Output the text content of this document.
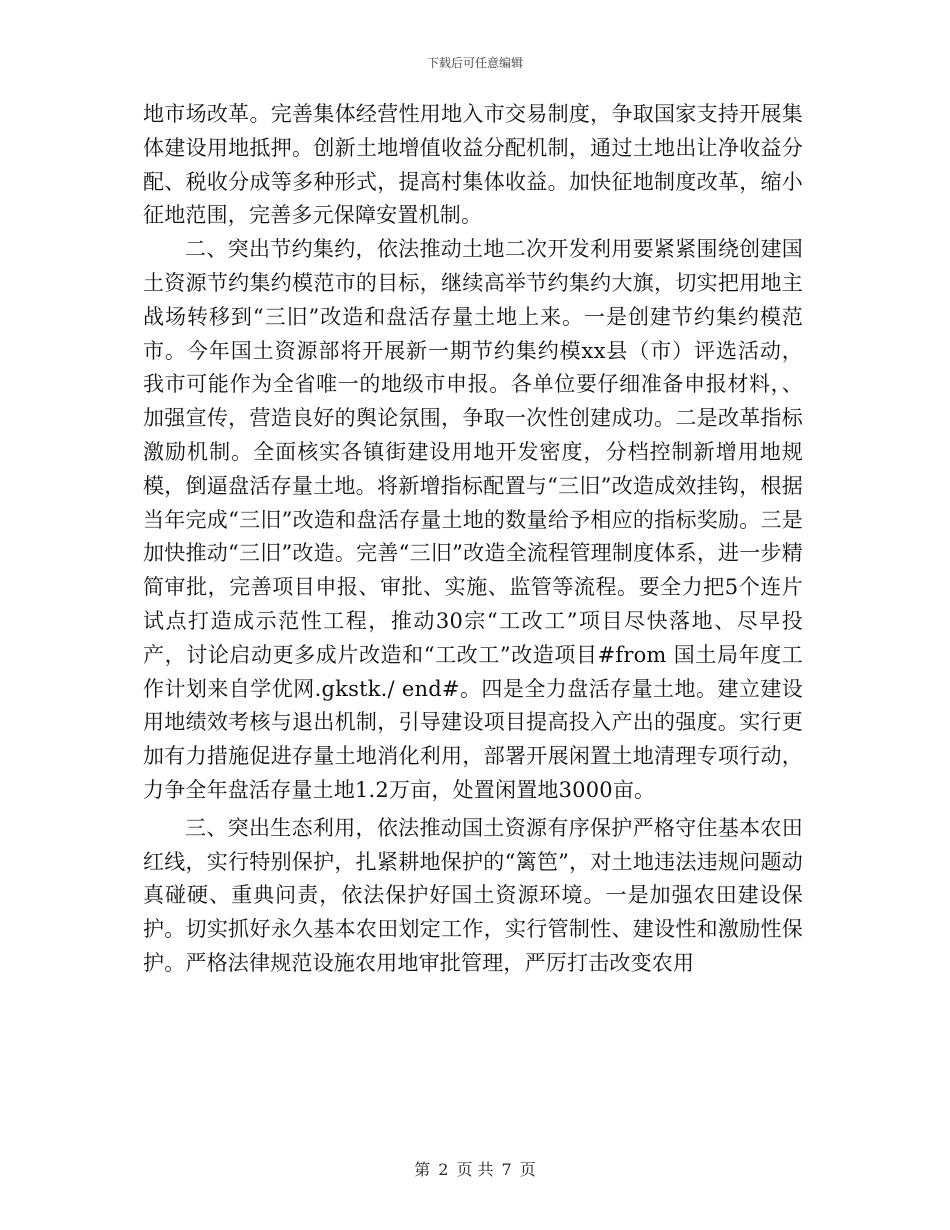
下载后可任意编辑

地市场改革。完善集体经营性用地入市交易制度，争取国家支持开展集体建设用地抵押。创新土地增值收益分配机制，通过土地出让净收益分配、税收分成等多种形式，提高村集体收益。加快征地制度改革，缩小征地范围，完善多元保障安置机制。

二、突出节约集约，依法推动土地二次开发利用要紧紧围绕创建国土资源节约集约模范市的目标，继续高举节约集约大旗，切实把用地主战场转移到“三旧”改造和盘活存量土地上来。一是创建节约集约模范市。今年国土资源部将开展新一期节约集约模xx县（市）评选活动，我市可能作为全省唯一的地级市申报。各单位要仔细准备申报材料，、加强宣传，营造良好的舆论氛围，争取一次性创建成功。二是改革指标激励机制。全面核实各镇街建设用地开发密度，分档控制新增用地规模，倒逼盘活存量土地。将新增指标配置与“三旧”改造成效挂钩，根据当年完成“三旧”改造和盘活存量土地的数量给予相应的指标奖励。三是加快推动“三旧”改造。完善“三旧”改造全流程管理制度体系，进一步精简审批，完善项目申报、审批、实施、监管等流程。要全力把5个连片试点打造成示范性工程，推动30宗“工改工”项目尽快落地、尽早投产，讨论启动更多成片改造和“工改工”改造项目#from 国土局年度工作计划来自学优网.gkstk./ end#。四是全力盘活存量土地。建立建设用地绩效考核与退出机制，引导建设项目提高投入产出的强度。实行更加有力措施促进存量土地消化利用，部署开展闲置土地清理专项行动，力争全年盘活存量土地1.2万亩，处置闲置地3000亩。

三、突出生态利用，依法推动国土资源有序保护严格守住基本农田红线，实行特别保护，扎紧耕地保护的“篱笆”，对土地违法违规问题动真碰硬、重典问责，依法保护好国土资源环境。一是加强农田建设保护。切实抓好永久基本农田划定工作，实行管制性、建设性和激励性保护。严格法律规范设施农用地审批管理，严厉打击改变农用

第 2 页 共 7 页
